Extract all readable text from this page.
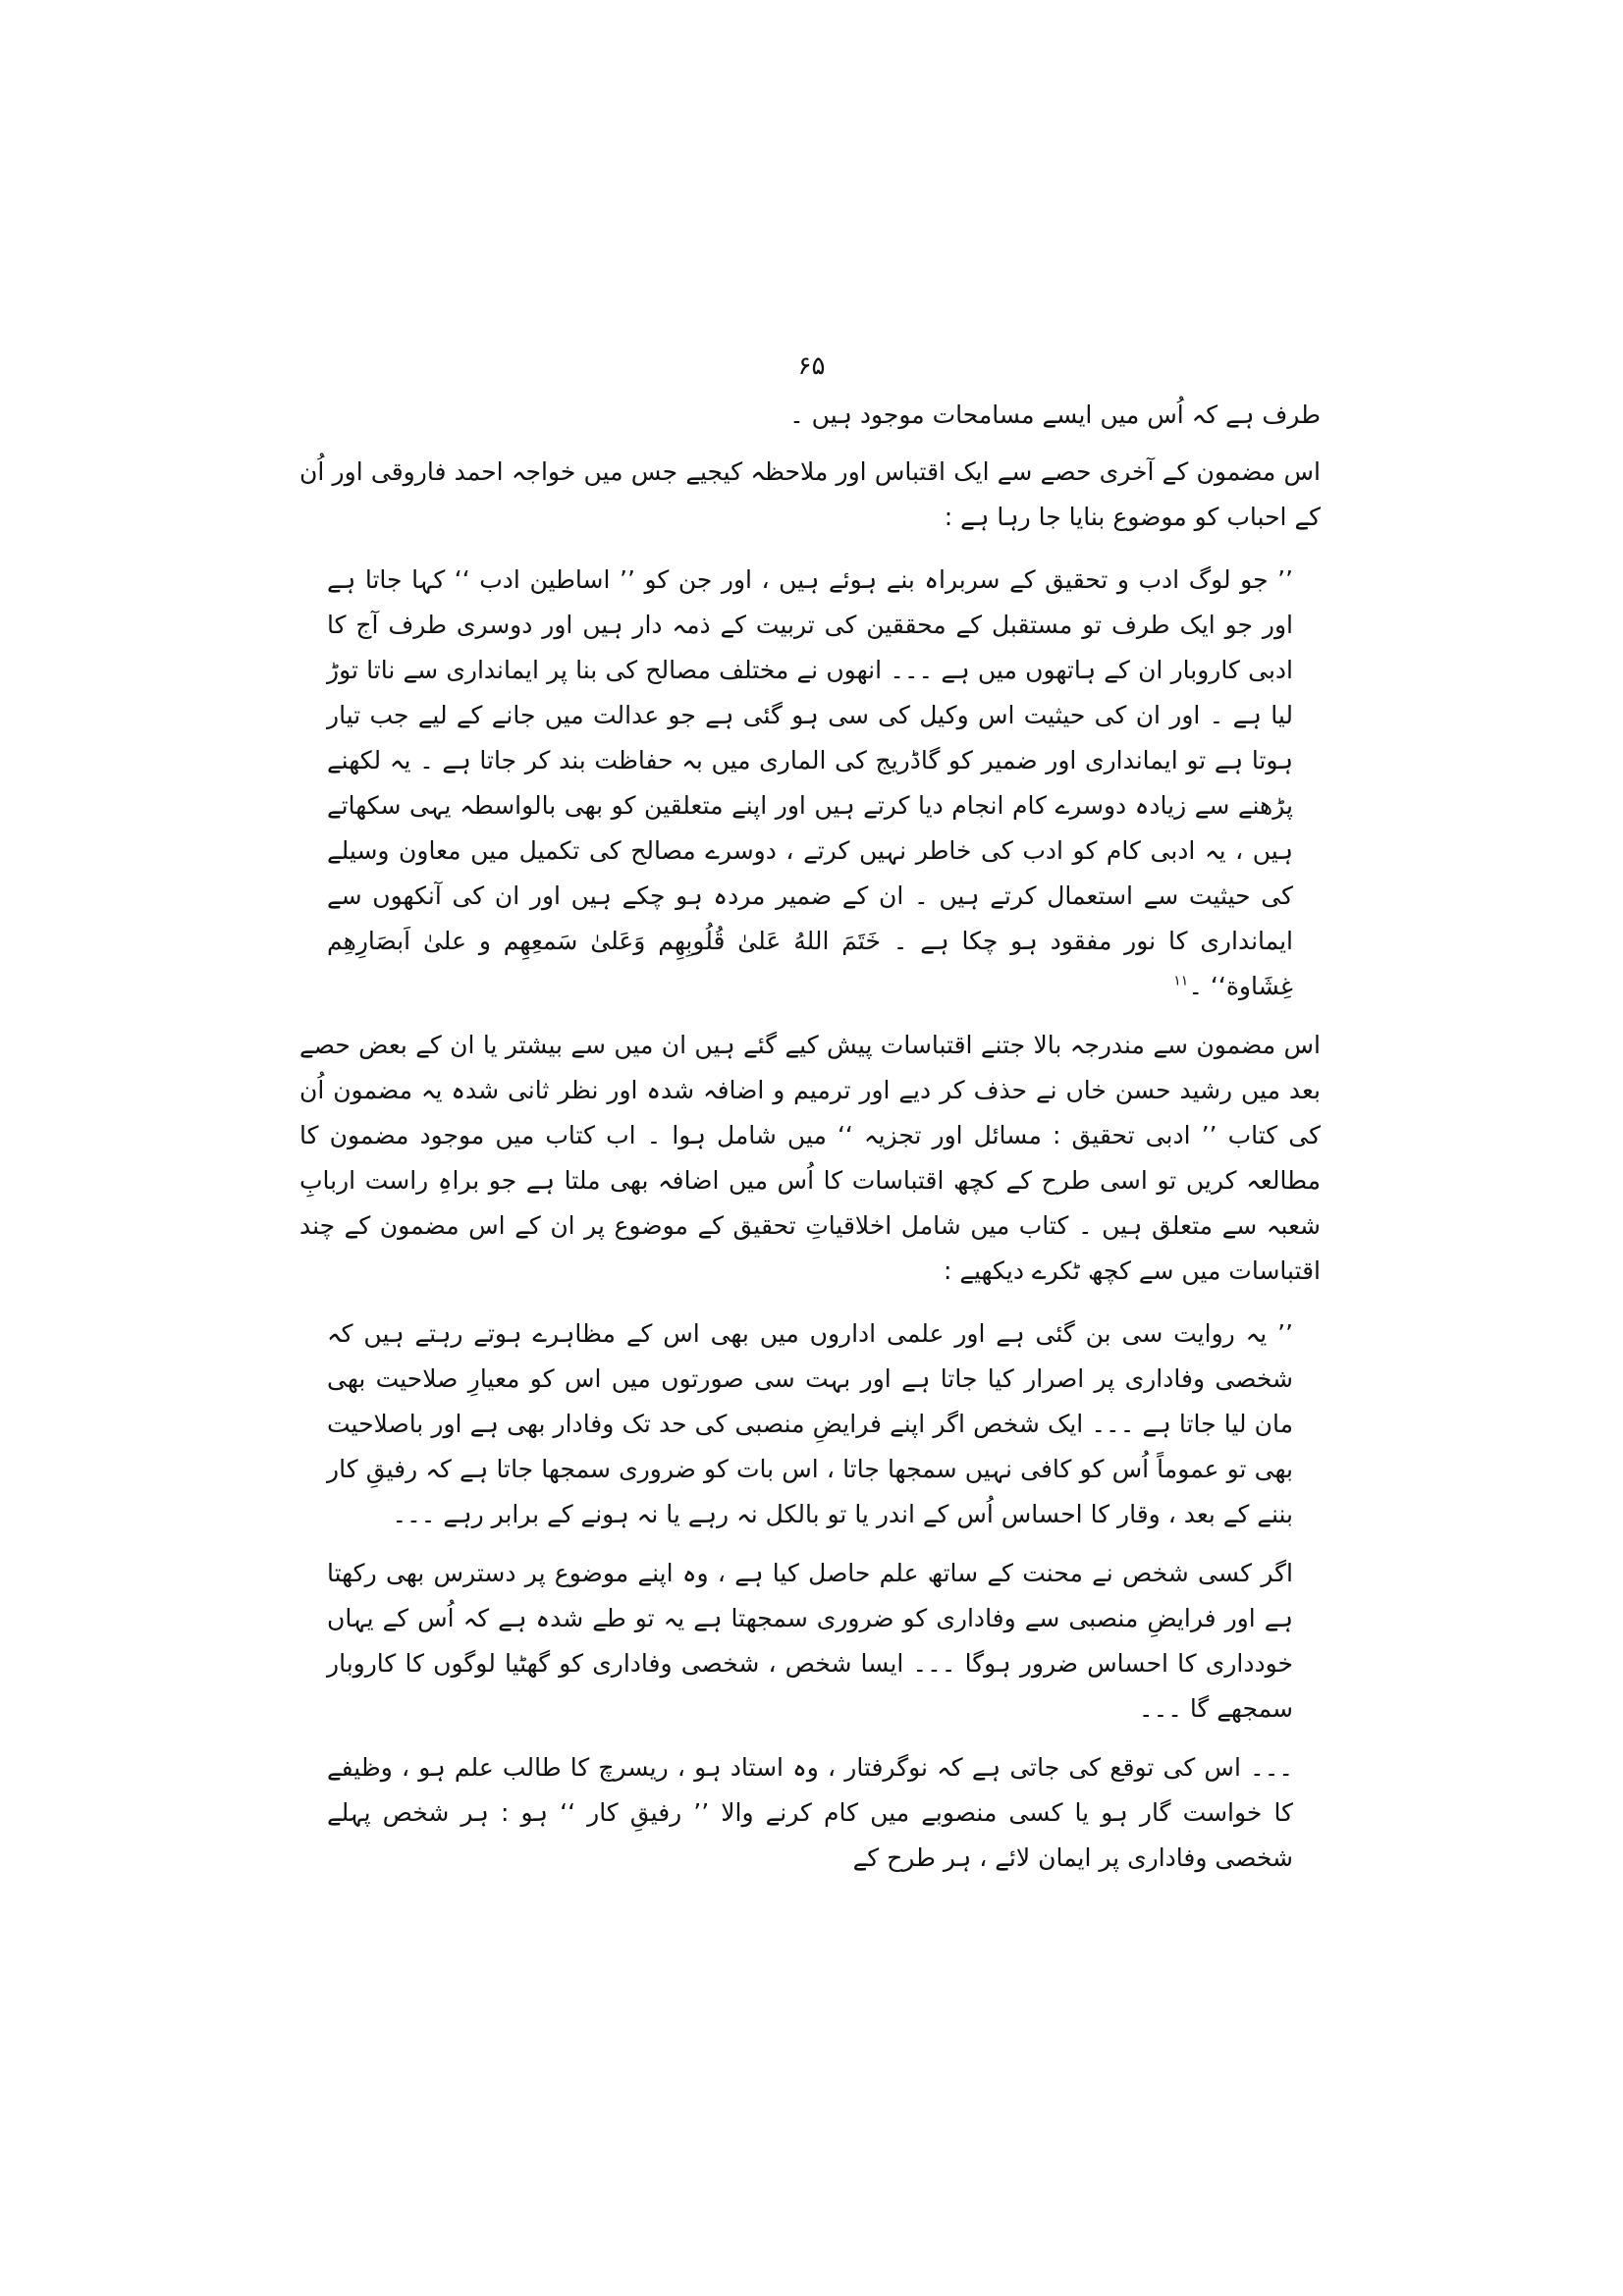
۶۵

طرف ہے کہ اُس میں ایسے مسامحات موجود ہیں ۔

اس مضمون کے آخری حصے سے ایک اقتباس اور ملاحظہ کیجیے جس میں خواجہ احمد فاروقی اور اُن کے احباب کو موضوع بنایا جا رہا ہے :

’’ جو لوگ ادب و تحقیق کے سربراہ بنے ہوئے ہیں ، اور جن کو ’’ اساطین ادب ‘‘ کہا جاتا ہے اور جو ایک طرف تو مستقبل کے محققین کی تربیت کے ذمہ دار ہیں اور دوسری طرف آج کا ادبی کاروبار ان کے ہاتھوں میں ہے ۔۔۔ انھوں نے مختلف مصالح کی بنا پر ایمانداری سے ناتا توڑ لیا ہے ۔ اور ان کی حیثیت اس وکیل کی سی ہو گئی ہے جو عدالت میں جانے کے لیے جب تیار ہوتا ہے تو ایمانداری اور ضمیر کو گاڈریج کی الماری میں بہ حفاظت بند کر جاتا ہے ۔ یہ لکھنے پڑھنے سے زیادہ دوسرے کام انجام دیا کرتے ہیں اور اپنے متعلقین کو بھی بالواسطہ یہی سکھاتے ہیں ، یہ ادبی کام کو ادب کی خاطر نہیں کرتے ، دوسرے مصالح کی تکمیل میں معاون وسیلے کی حیثیت سے استعمال کرتے ہیں ۔ ان کے ضمیر مردہ ہو چکے ہیں اور ان کی آنکھوں سے ایمانداری کا نور مفقود ہو چکا ہے ۔ خَتَمَ اللهُ عَلىٰ قُلُوبِهِم وَعَلىٰ سَمعِهِم و علىٰ اَبصَارِهِم غِشَاوة‘‘ ۔$^{۱۱}$

اس مضمون سے مندرجہ بالا جتنے اقتباسات پیش کیے گئے ہیں ان میں سے بیشتر یا ان کے بعض حصے بعد میں رشید حسن خاں نے حذف کر دیے اور ترمیم و اضافہ شدہ اور نظر ثانی شدہ یہ مضمون اُن کی کتاب ’’ ادبی تحقیق : مسائل اور تجزیہ ‘‘ میں شامل ہوا ۔ اب کتاب میں موجود مضمون کا مطالعہ کریں تو اسی طرح کے کچھ اقتباسات کا اُس میں اضافہ بھی ملتا ہے جو براہِ راست اربابِ شعبہ سے متعلق ہیں ۔ کتاب میں شامل اخلاقیاتِ تحقیق کے موضوع پر ان کے اس مضمون کے چند اقتباسات میں سے کچھ ٹکرے دیکھیے :

’’ یہ روایت سی بن گئی ہے اور علمی اداروں میں بھی اس کے مظاہرے ہوتے رہتے ہیں کہ شخصی وفاداری پر اصرار کیا جاتا ہے اور بہت سی صورتوں میں اس کو معیارِ صلاحیت بھی مان لیا جاتا ہے ۔۔۔ ایک شخص اگر اپنے فرایضِ منصبی کی حد تک وفادار بھی ہے اور باصلاحیت بھی تو عموماً اُس کو کافی نہیں سمجھا جاتا ، اس بات کو ضروری سمجھا جاتا ہے کہ رفیقِ کار بننے کے بعد ، وقار کا احساس اُس کے اندر یا تو بالکل نہ رہے یا نہ ہونے کے برابر رہے ۔۔۔

اگر کسی شخص نے محنت کے ساتھ علم حاصل کیا ہے ، وہ اپنے موضوع پر دسترس بھی رکھتا ہے اور فرایضِ منصبی سے وفاداری کو ضروری سمجھتا ہے یہ تو طے شدہ ہے کہ اُس کے یہاں خودداری کا احساس ضرور ہوگا ۔۔۔ ایسا شخص ، شخصی وفاداری کو گھٹیا لوگوں کا کاروبار سمجھے گا ۔۔۔

۔۔۔ اس کی توقع کی جاتی ہے کہ نوگرفتار ، وہ استاد ہو ، ریسرچ کا طالب علم ہو ، وظیفے کا خواست گار ہو یا کسی منصوبے میں کام کرنے والا ’’ رفیقِ کار ‘‘ ہو : ہر شخص پہلے شخصی وفاداری پر ایمان لائے ، ہر طرح کے
